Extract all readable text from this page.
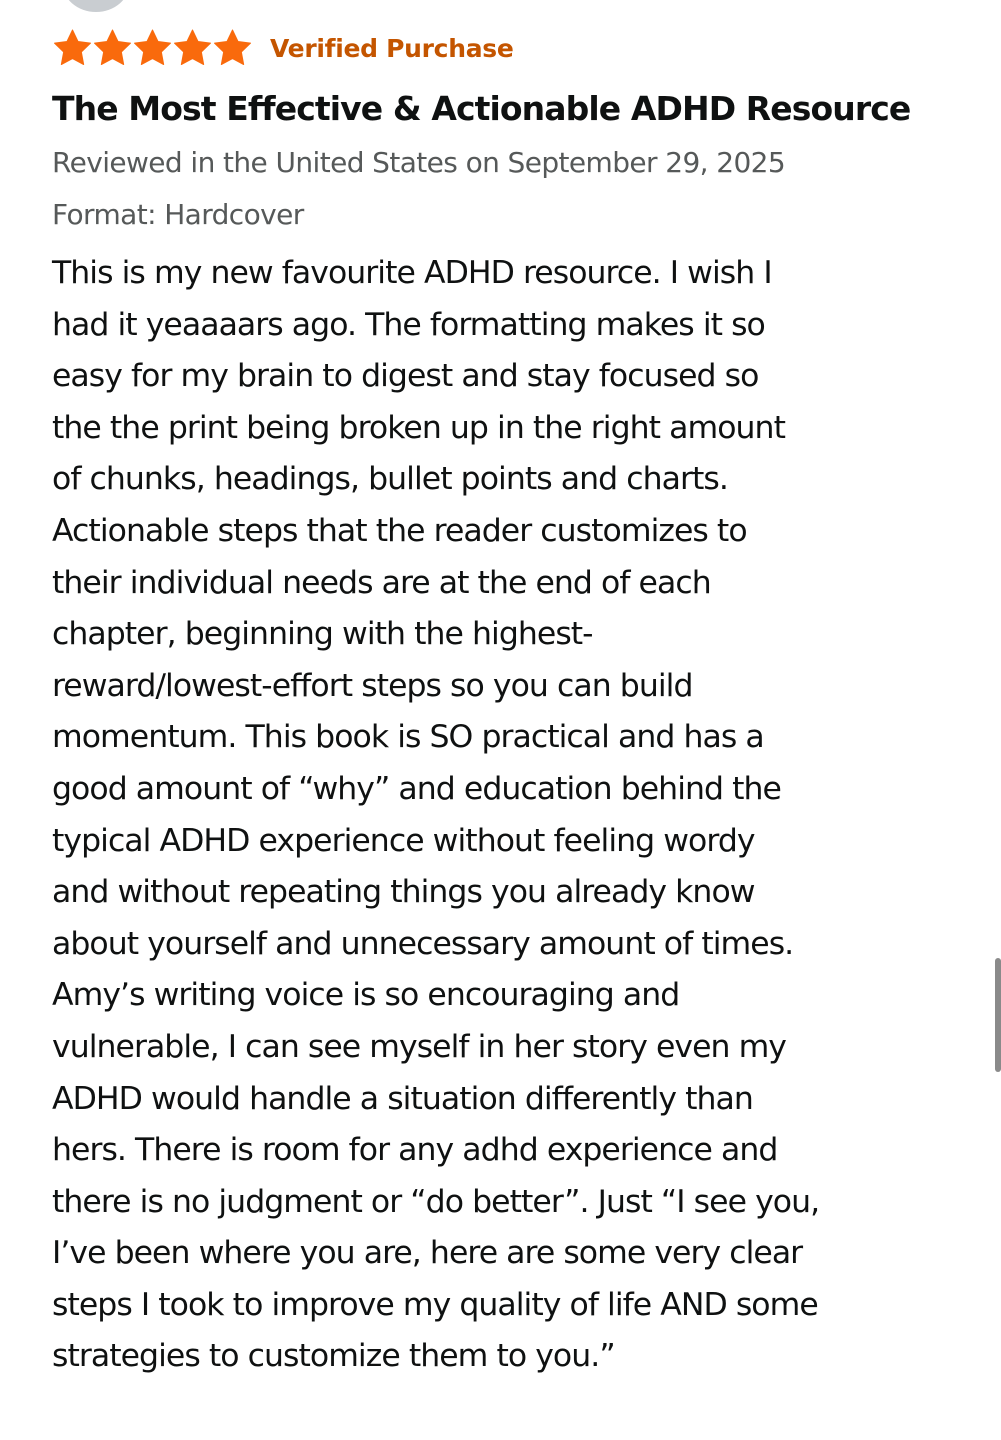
Verified Purchase
The Most Effective & Actionable ADHD Resource
Reviewed in the United States on September 29, 2025
Format: Hardcover
This is my new favourite ADHD resource. I wish I
had it yeaaaars ago. The formatting makes it so
easy for my brain to digest and stay focused so
the the print being broken up in the right amount
of chunks, headings, bullet points and charts.
Actionable steps that the reader customizes to
their individual needs are at the end of each
chapter, beginning with the highest-
reward/lowest-effort steps so you can build
momentum. This book is SO practical and has a
good amount of “why” and education behind the
typical ADHD experience without feeling wordy
and without repeating things you already know
about yourself and unnecessary amount of times.
Amy’s writing voice is so encouraging and
vulnerable, I can see myself in her story even my
ADHD would handle a situation differently than
hers. There is room for any adhd experience and
there is no judgment or “do better”. Just “I see you,
I’ve been where you are, here are some very clear
steps I took to improve my quality of life AND some
strategies to customize them to you.”
